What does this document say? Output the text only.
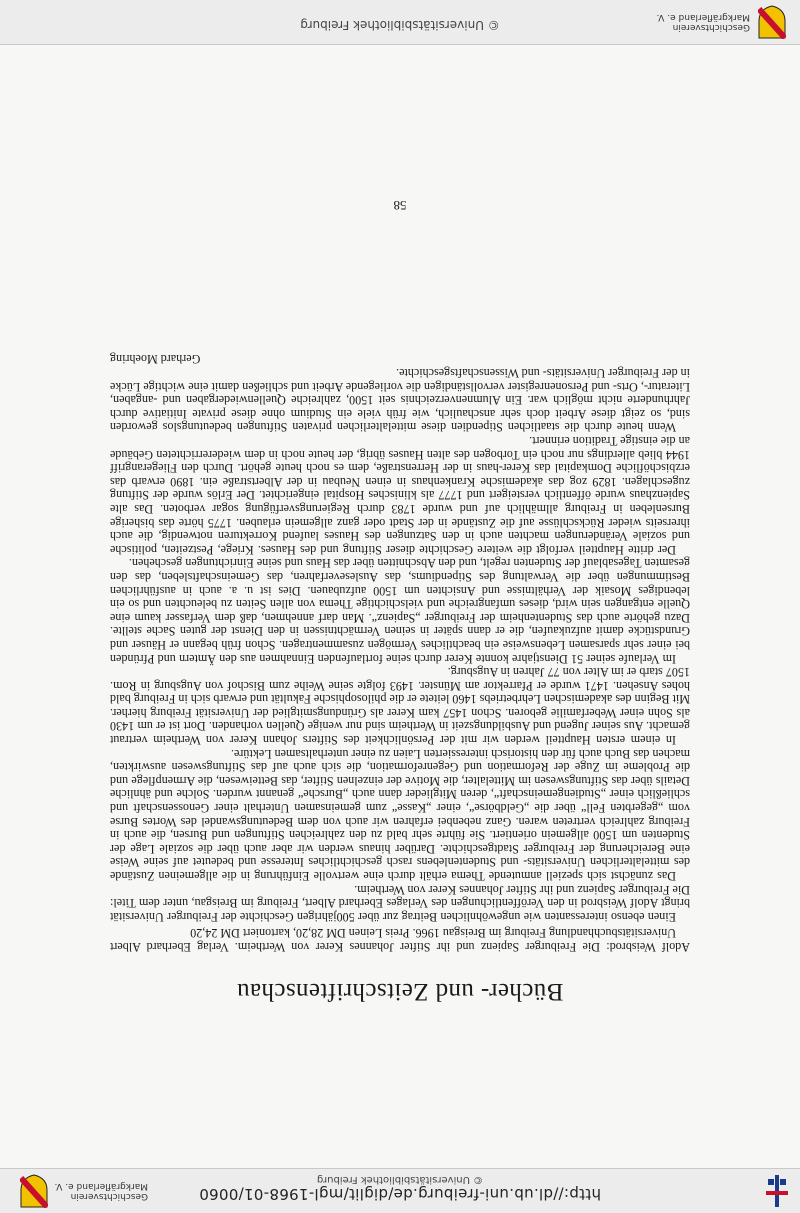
http://dl.ub.uni-freiburg.de/diglit/mgl-1968-01/0060
© Universitätsbibliothek Freiburg
Geschichtsverein Markgräflerland e. V.
Bücher- und Zeitschriftenschau

Adolf Weisbrod: Die Freiburger Sapienz und ihr Stifter Johannes Kerer von Wertheim. Verlag Eberhard Albert Universitätsbuchhandlung Freiburg im Breisgau 1966. Preis Leinen DM 28,20, kartoniert DM 24,20

Einen ebenso interessanten wie ungewöhnlichen Beitrag zur über 500jährigen Geschichte der Freiburger Universität bringt Adolf Weisbrod in den Veröffentlichungen des Verlages Eberhard Albert, Freiburg im Breisgau, unter dem Titel: Die Freiburger Sapienz und ihr Stifter Johannes Kerer von Wertheim.

Das zunächst sich speziell anmutende Thema erhält durch eine wertvolle Einführung in die allgemeinen Zustände des mittelalterlichen Universitäts- und Studentenlebens rasch geschichtliches Interesse und bedeutet auf seine Weise eine Bereicherung der Freiburger Stadtgeschichte. Darüber hinaus werden wir aber auch über die soziale Lage der Studenten um 1500 allgemein orientiert. Sie führte sehr bald zu den zahlreichen Stiftungen und Bursen, die auch in Freiburg zahlreich vertreten waren. Ganz nebenbei erfahren wir auch von dem Bedeutungswandel des Wortes Burse vom „gegerbten Fell“ über die „Geldbörse“, einer „Kasse“ zum gemeinsamen Unterhalt einer Genossenschaft und schließlich einer „Studiengemeinschaft“, deren Mitglieder dann auch „Bursche“ genannt wurden. Solche und ähnliche Details über das Stiftungswesen im Mittelalter, die Motive der einzelnen Stifter, das Betteiwesen, die Armenpflege und die Probleme im Zuge der Reformation und Gegenreformation, die sich auch auf das Stiftungswesen auswirkten, machen das Buch auch für den historisch interessierten Laien zu einer unterhaltsamen Lektüre.

In einem ersten Hauptteil werden wir mit der Persönlichkeit des Stifters Johann Kerer von Wertheim vertraut gemacht. Aus seiner Jugend und Ausbildungszeit in Wertheim sind nur wenige Quellen vorhanden. Dort ist er um 1430 als Sohn einer Weberfamilie geboren. Schon 1457 kam Kerer als Gründungsmitglied der Universität Freiburg hierher. Mit Beginn des akademischen Lehrbetriebs 1460 leitete er die philosophische Fakultät und erwarb sich in Freiburg bald hohes Ansehen. 1471 wurde er Pfarrektor am Münster. 1493 folgte seine Weihe zum Bischof von Augsburg in Rom. 1507 starb er im Alter von 77 Jahren in Augsburg.

Im Verlaufe seiner 51 Dienstjahre konnte Kerer durch seine fortlaufenden Einnahmen aus den Ämtern und Pfründen bei einer sehr sparsamen Lebensweise ein beachtliches Vermögen zusammentragen. Schon früh begann er Häuser und Grundstücke damit aufzukaufen, die er dann später in seinen Vermächtnissen in den Dienst der guten Sache stellte. Dazu gehörte auch das Studentenheim der Freiburger „Sapienz“. Man darf annehmen, daß dem Verfasser kaum eine Quelle entgangen sein wird, dieses umfangreiche und vielschichtige Thema von allen Seiten zu beleuchten und so ein lebendiges Mosaik der Verhältnisse und Ansichten um 1500 aufzubauen. Dies ist u. a. auch in ausführlichen Bestimmungen über die Verwaltung des Stipendiums, das Ausleseverfahren, das Gemeinschaftsleben, das den gesamten Tagesablauf der Studenten regelt, und den Abschnitten über das Haus und seine Einrichtungen geschehen.

Der dritte Hauptteil verfolgt die weitere Geschichte dieser Stiftung und des Hauses. Kriege, Pestzeiten, politische und soziale Veränderungen machten auch in den Satzungen des Hauses laufend Korrekturen notwendig, die auch ihrerseits wieder Rückschlüsse auf die Zustände in der Stadt oder ganz allgemein erlauben. 1775 hörte das bisherige Bursenleben in Freiburg allmählich auf und wurde 1783 durch Regierungsverfügung sogar verboten. Das alte Sapienzhaus wurde öffentlich versteigert und 1777 als klinisches Hospital eingerichtet. Der Erlös wurde der Stiftung zugeschlagen. 1829 zog das akademische Krankenhaus in einen Neubau in der Albertstraße ein. 1890 erwarb das erzbischöfliche Domkapital das Kerer-haus in der Herrenstraße, dem es noch heute gehört. Durch den Fliegerangriff 1944 blieb allerdings nur noch ein Torbogen des alten Hauses übrig, der heute noch in dem wiedererrichteten Gebäude an die einstige Tradition erinnert.

Wenn heute durch die staatlichen Stipendien diese mittelalterlichen privaten Stiftungen bedeutungslos geworden sind, so zeigt diese Arbeit doch sehr anschaulich, wie früh viele ein Studium ohne diese private Initiative durch Jahrhunderte nicht möglich war. Ein Alumnenverzeichnis seit 1500, zahlreiche Quellenwiedergaben und -angaben, Literatur-, Orts- und Personenregister vervollständigen die vorliegende Arbeit und schließen damit eine wichtige Lücke in der Freiburger Universitäts- und Wissenschaftsgeschichte.

Gerhard Moehring
58
© Universitätsbibliothek Freiburg	Geschichtsverein Markgräflerland e. V.
